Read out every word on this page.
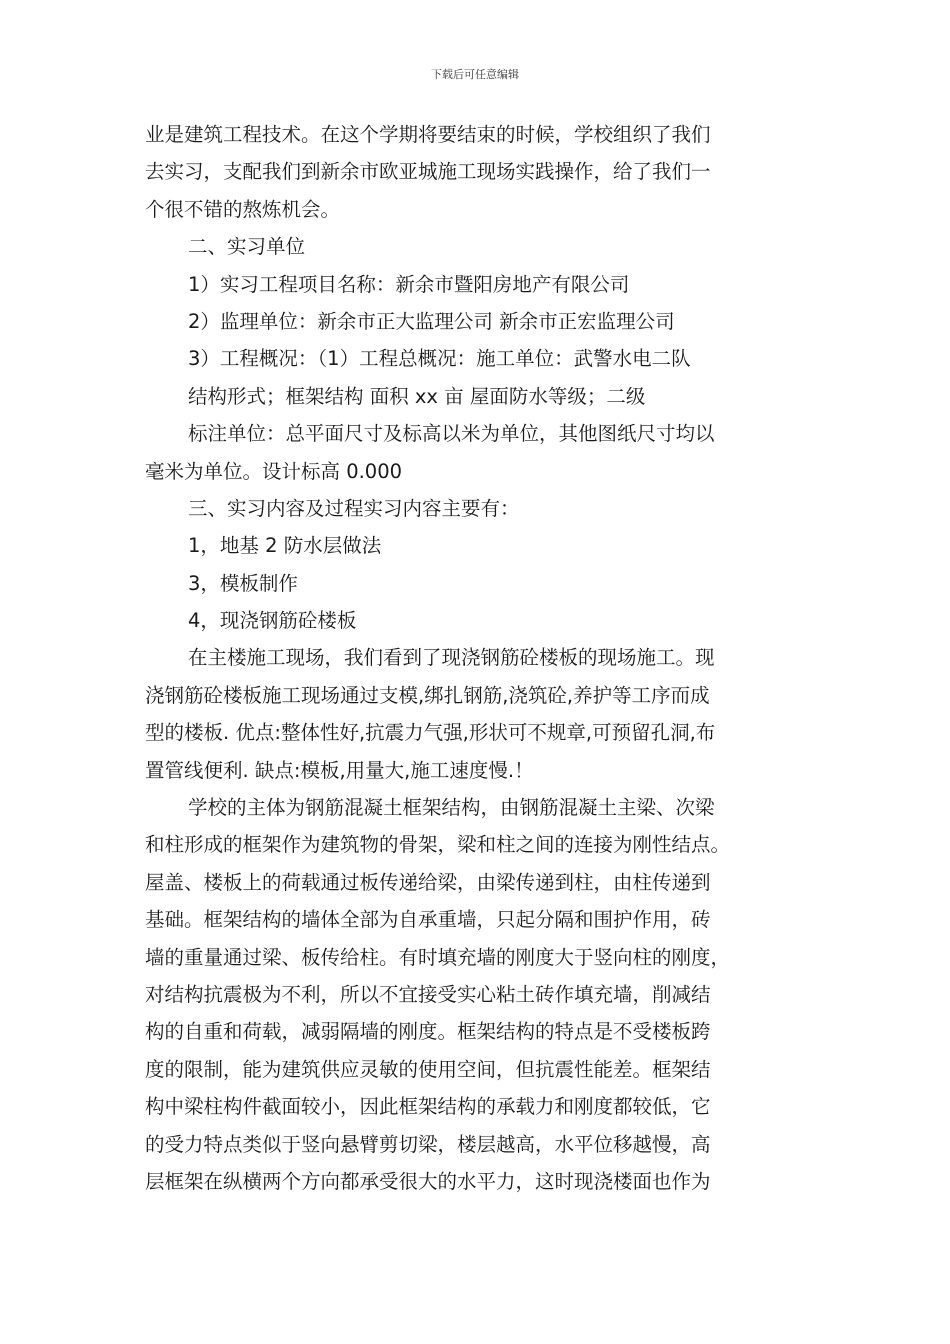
下载后可任意编辑
业是建筑工程技术。在这个学期将要结束的时候，学校组织了我们
去实习，支配我们到新余市欧亚城施工现场实践操作，给了我们一
个很不错的熬炼机会。
二、实习单位
1）实习工程项目名称：新余市暨阳房地产有限公司
2）监理单位：新余市正大监理公司 新余市正宏监理公司
3）工程概况：（1）工程总概况：施工单位：武警水电二队
结构形式；框架结构 面积 xx 亩 屋面防水等级；二级
标注单位：总平面尺寸及标高以米为单位，其他图纸尺寸均以
毫米为单位。设计标高 0.000
三、实习内容及过程实习内容主要有：
1，地基 2 防水层做法
3，模板制作
4，现浇钢筋砼楼板
在主楼施工现场，我们看到了现浇钢筋砼楼板的现场施工。现
浇钢筋砼楼板施工现场通过支模,绑扎钢筋,浇筑砼,养护等工序而成
型的楼板. 优点:整体性好,抗震力气强,形状可不规章,可预留孔洞,布
置管线便利. 缺点:模板,用量大,施工速度慢.！
学校的主体为钢筋混凝土框架结构，由钢筋混凝土主梁、次梁
和柱形成的框架作为建筑物的骨架，梁和柱之间的连接为刚性结点。
屋盖、楼板上的荷载通过板传递给梁，由梁传递到柱，由柱传递到
基础。框架结构的墙体全部为自承重墙，只起分隔和围护作用，砖
墙的重量通过梁、板传给柱。有时填充墙的刚度大于竖向柱的刚度，
对结构抗震极为不利，所以不宜接受实心粘土砖作填充墙，削减结
构的自重和荷载，减弱隔墙的刚度。框架结构的特点是不受楼板跨
度的限制，能为建筑供应灵敏的使用空间，但抗震性能差。框架结
构中梁柱构件截面较小，因此框架结构的承载力和刚度都较低，它
的受力特点类似于竖向悬臂剪切梁，楼层越高，水平位移越慢，高
层框架在纵横两个方向都承受很大的水平力，这时现浇楼面也作为
